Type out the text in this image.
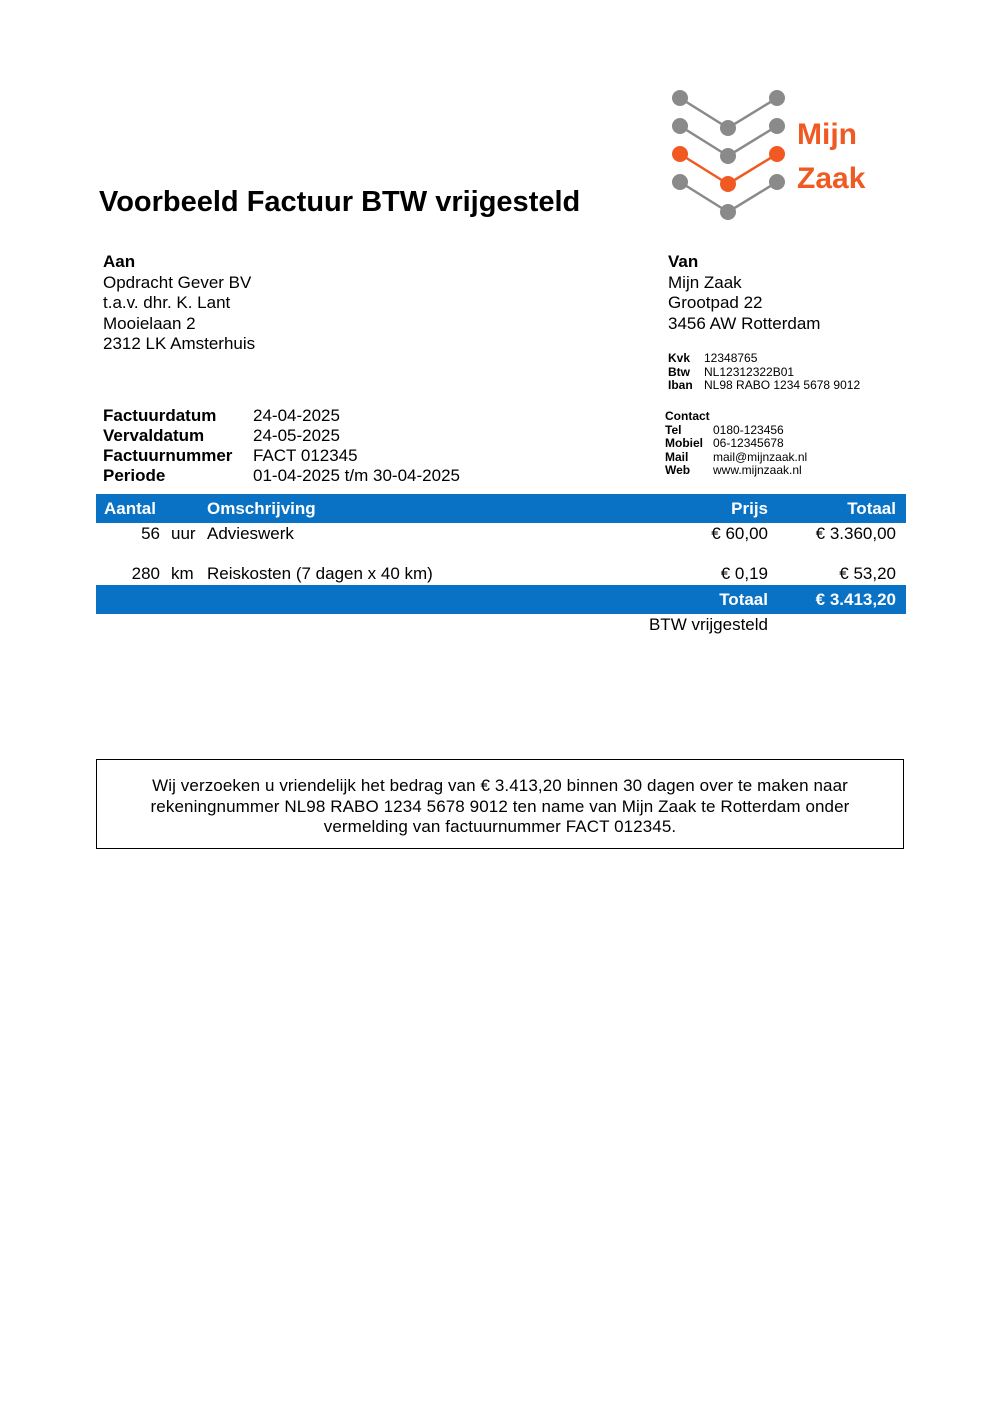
Mijn
Zaak
Voorbeeld Factuur BTW vrijgesteld
Aan
Opdracht Gever BV
t.a.v. dhr. K. Lant
Mooielaan 2
2312 LK Amsterhuis
Van
Mijn Zaak
Grootpad 22
3456 AW Rotterdam
Kvk 12348765
Btw NL12312322B01
Iban NL98 RABO 1234 5678 9012
Contact
Tel	0180-123456
Mobiel 06-12345678
Mail mail@mijnzaak.nl
Web www.mijnzaak.nl
Factuurdatum 24-04-2025
Vervaldatum	24-05-2025
Factuurnummer FACT 012345
Periode	01-04-2025 t/m 30-04-2025
Aantal	Omschrijving	Prijs	Totaal
56 uur Advieswerk	€ 60,00	€ 3.360,00
280 km Reiskosten (7 dagen x 40 km)	€ 0,19	€ 53,20
Totaal	€ 3.413,20
BTW vrijgesteld
Wij verzoeken u vriendelijk het bedrag van € 3.413,20 binnen 30 dagen over te maken naar rekeningnummer NL98 RABO 1234 5678 9012 ten name van Mijn Zaak te Rotterdam onder vermelding van factuurnummer FACT 012345.
